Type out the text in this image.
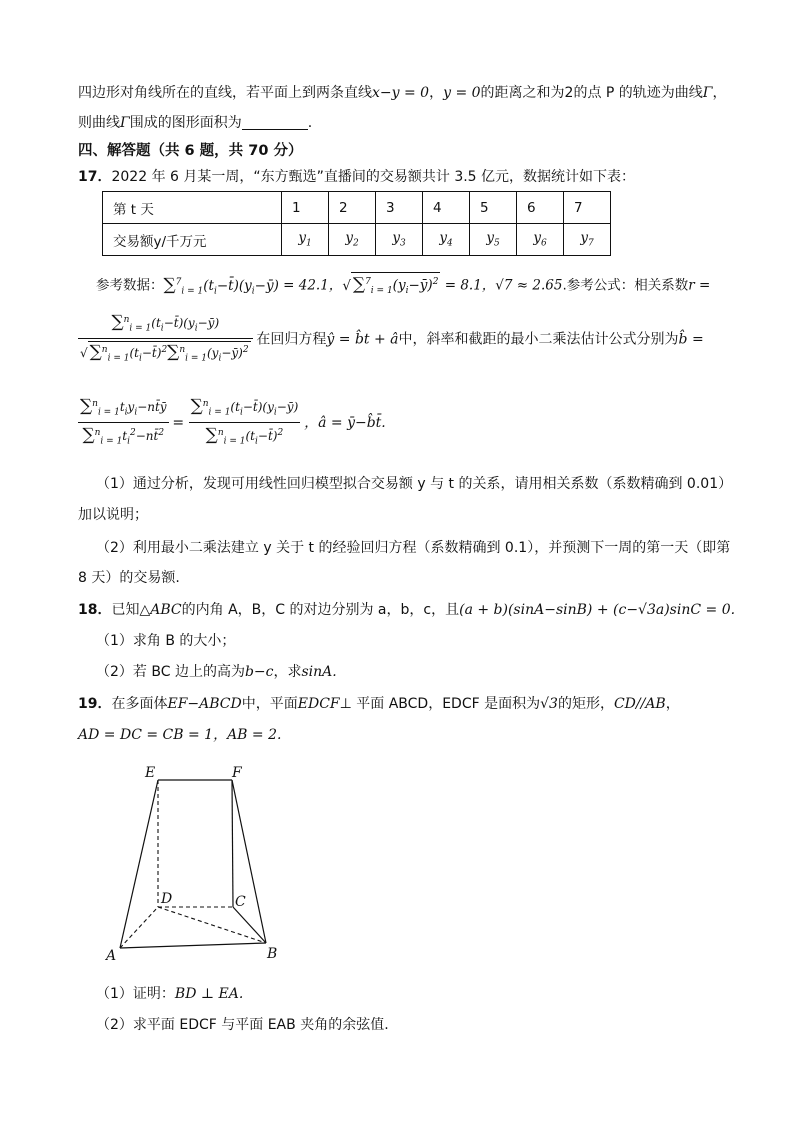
四边形对角线所在的直线，若平面上到两条直线x−y = 0，y = 0的距离之和为2的点 P 的轨迹为曲线Γ，
则曲线Γ围成的图形面积为	.
四、解答题（共 6 题，共 70 分）
17．2022 年 6 月某一周，“东方甄选”直播间的交易额共计 3.5 亿元，数据统计如下表：
第 t 天	1	2	3	4	5	6	7
交易额y/千万元	$y_1$	$y_2$	$y_3$	$y_4$	$y_5$	$y_6$	$y_7$
参考数据：$\sum^7_{i = 1}(t_i-t̄)(y_i-ȳ) = 42.1$，√ $\sum^7_{i = 1}(y_i-ȳ)^2 = 8.1$，√7 ≈ 2.65.参考公式：相关系数r =
$\frac{\sum^n_{i = 1}(t_i-t̄)(y_i-ȳ)}{√ \sum^n_{i = 1}(t_i-t̄)^2\sum^n_{i = 1}(y_i-ȳ)^2}$ 在回归方程ŷ = b̂t + â中，斜率和截距的最小二乘法估计公式分别为b̂ =
$\frac{\sum^n_{i = 1}t_iy_i-nt̄ȳ}{\sum^n_{i = 1}t_i^2-nt̄^2} = \frac{\sum^n_{i = 1}(t_i-t̄)(y_i-ȳ)}{\sum^n_{i = 1}(t_i-t̄)^2}$ ，â = ȳ−b̂t̄.
（1）通过分析，发现可用线性回归模型拟合交易额 y 与 t 的关系，请用相关系数（系数精确到 0.01）
加以说明；
（2）利用最小二乘法建立 y 关于 t 的经验回归方程（系数精确到 0.1），并预测下一周的第一天（即第
8 天）的交易额.
18．已知△ABC的内角 A，B，C 的对边分别为 a，b，c，且(a + b)(sinA−sinB) + (c−√3a)sinC = 0.
（1）求角 B 的大小；
（2）若 BC 边上的高为b−c，求sinA.
19．在多面体EF−ABCD中，平面EDCF⊥ 平面 ABCD，EDCF 是面积为√3的矩形，CD//AB，
AD = DC = CB = 1，AB = 2.
E	F
D	C
A	B
（1）证明：BD ⊥ EA.
（2）求平面 EDCF 与平面 EAB 夹角的余弦值.
